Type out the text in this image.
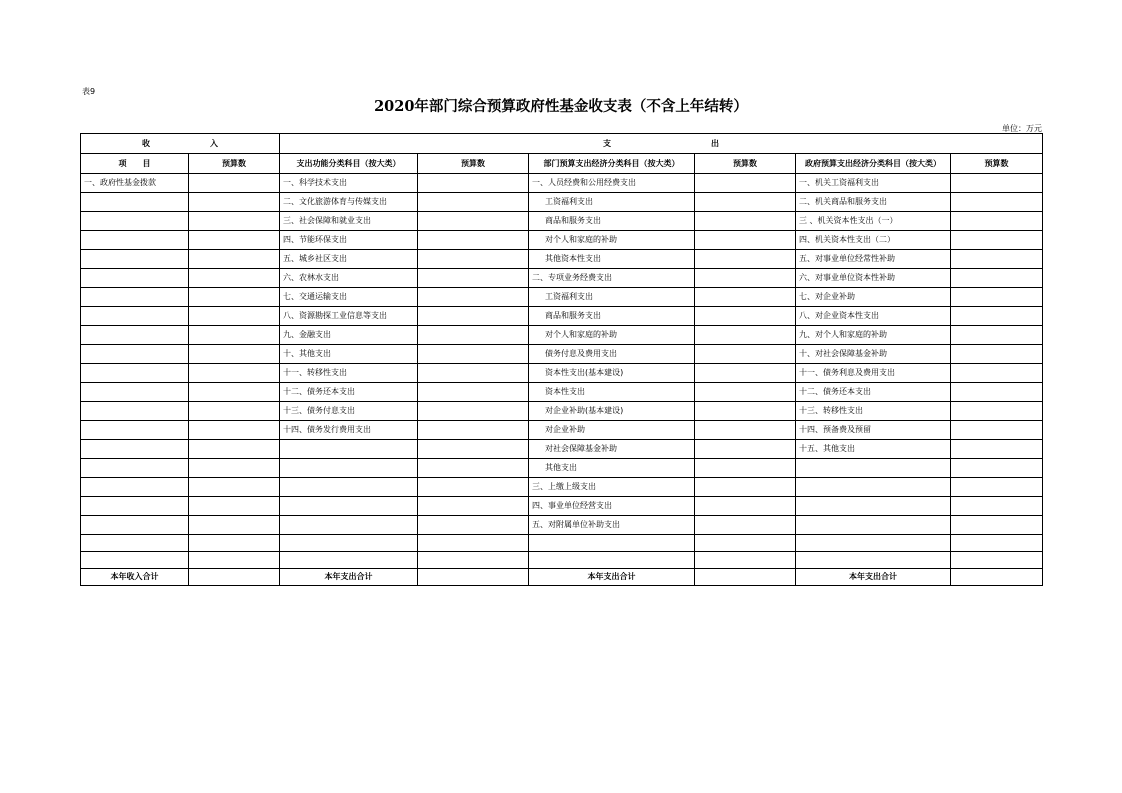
表9
2020年部门综合预算政府性基金收支表（不含上年结转）
单位：万元
收 入		支 出					
项　　目	预算数	支出功能分类科目（按大类）	预算数	部门预算支出经济分类科目（按大类）	预算数	政府预算支出经济分类科目（按大类）	预算数
一、政府性基金拨款		一、科学技术支出		一、人员经费和公用经费支出		一、机关工资福利支出	
		二、文化旅游体育与传媒支出		工资福利支出		二、机关商品和服务支出	
		三、社会保障和就业支出		商品和服务支出		三 、机关资本性支出（一）	
		四、节能环保支出		对个人和家庭的补助		四、机关资本性支出（二）	
		五、城乡社区支出		其他资本性支出		五、对事业单位经常性补助	
		六、农林水支出		二、专项业务经费支出		六、对事业单位资本性补助	
		七、交通运输支出		工资福利支出		七、对企业补助	
		八、资源勘探工业信息等支出		商品和服务支出		八、对企业资本性支出	
		九、金融支出		对个人和家庭的补助		九、对个人和家庭的补助	
		十、其他支出		债务付息及费用支出		十、对社会保障基金补助	
		十一、转移性支出		资本性支出(基本建设)		十一、债务利息及费用支出	
		十二、债务还本支出		资本性支出		十二、债务还本支出	
		十三、债务付息支出		对企业补助(基本建设)		十三、转移性支出	
		十四、债务发行费用支出		对企业补助		十四、预备费及预留	
				对社会保障基金补助		十五、其他支出	
				其他支出			
				三、上缴上级支出			
				四、事业单位经营支出			
				五、对附属单位补助支出			

本年收入合计		本年支出合计		本年支出合计		本年支出合计	
